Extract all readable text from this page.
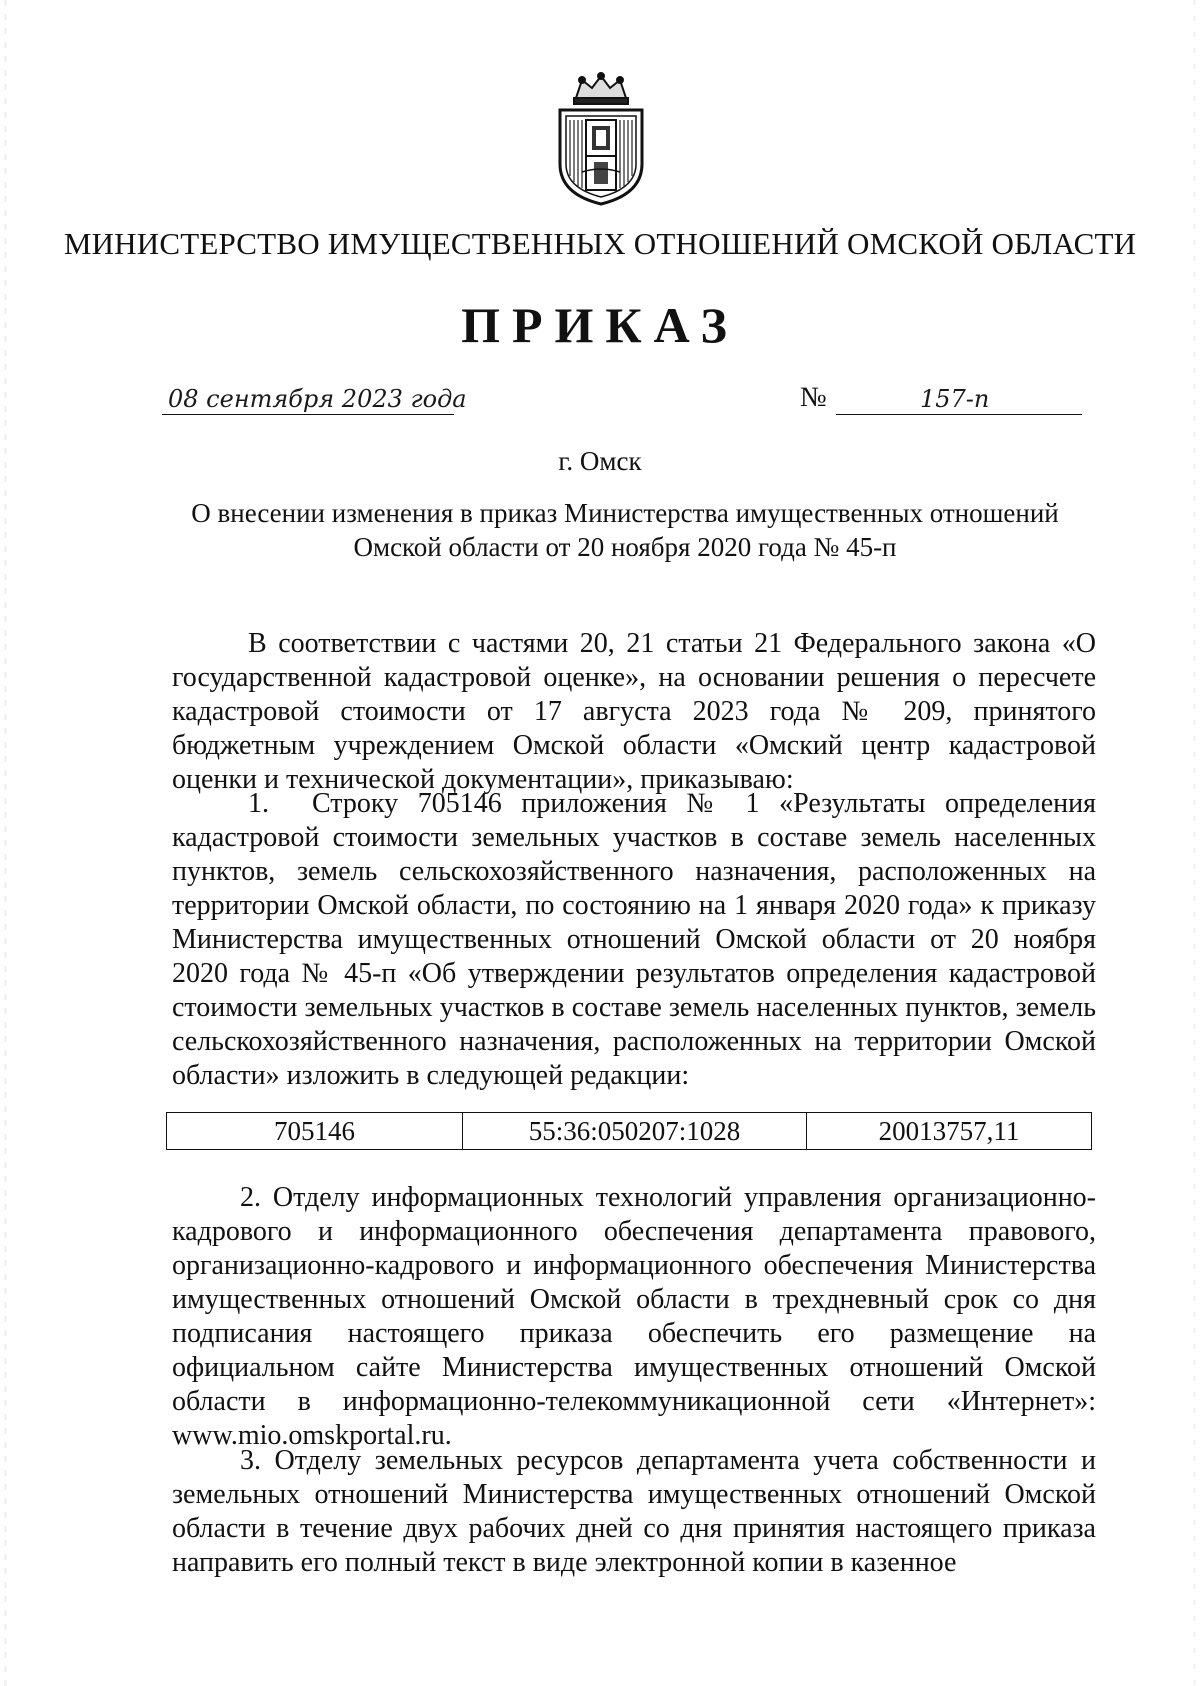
МИНИСТЕРСТВО ИМУЩЕСТВЕННЫХ ОТНОШЕНИЙ ОМСКОЙ ОБЛАСТИ
ПРИКАЗ
08 сентября 2023 года	№	157-п
г. Омск
О внесении изменения в приказ Министерства имущественных отношений
Омской области от 20 ноября 2020 года № 45-п

В соответствии с частями 20, 21 статьи 21 Федерального закона «О государственной кадастровой оценке», на основании решения о пересчете кадастровой стоимости от 17 августа 2023 года № 209, принятого бюджетным учреждением Омской области «Омский центр кадастровой оценки и технической документации», приказываю:

1. Строку 705146 приложения № 1 «Результаты определения кадастровой стоимости земельных участков в составе земель населенных пунктов, земель сельскохозяйственного назначения, расположенных на территории Омской области, по состоянию на 1 января 2020 года» к приказу Министерства имущественных отношений Омской области от 20 ноября 2020 года № 45-п «Об утверждении результатов определения кадастровой стоимости земельных участков в составе земель населенных пунктов, земель сельскохозяйственного назначения, расположенных на территории Омской области» изложить в следующей редакции:

705146	55:36:050207:1028	20013757,11

2. Отделу информационных технологий управления организационно-кадрового и информационного обеспечения департамента правового, организационно-кадрового и информационного обеспечения Министерства имущественных отношений Омской области в трехдневный срок со дня подписания настоящего приказа обеспечить его размещение на официальном сайте Министерства имущественных отношений Омской области в информационно-телекоммуникационной сети «Интернет»: www.mio.omskportal.ru.

3. Отделу земельных ресурсов департамента учета собственности и земельных отношений Министерства имущественных отношений Омской области в течение двух рабочих дней со дня принятия настоящего приказа направить его полный текст в виде электронной копии в казенное
